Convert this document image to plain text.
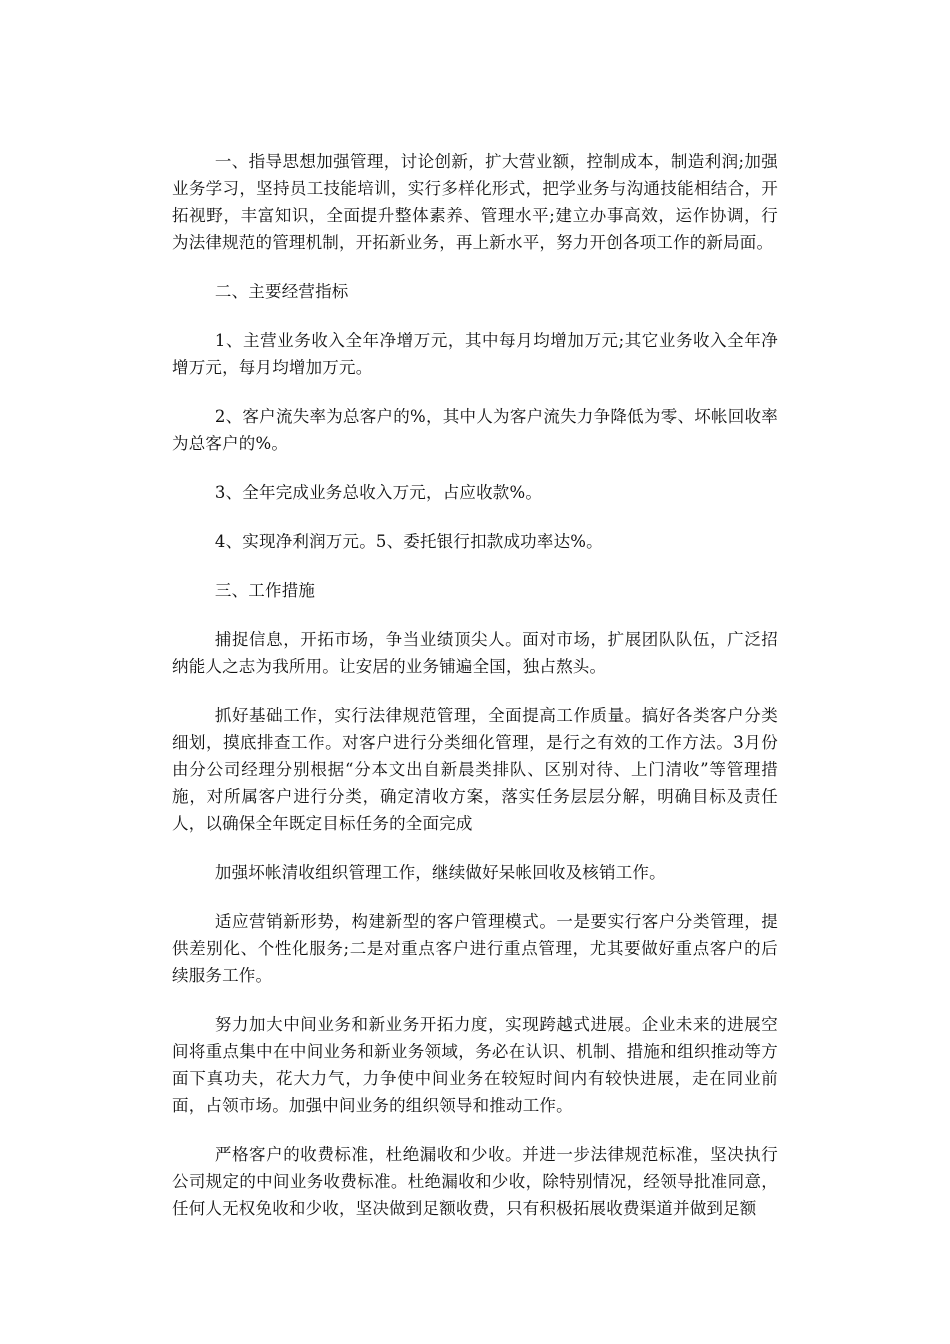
一、指导思想加强管理，讨论创新，扩大营业额，控制成本，制造利润;加强业务学习，坚持员工技能培训，实行多样化形式，把学业务与沟通技能相结合，开拓视野，丰富知识，全面提升整体素养、管理水平;建立办事高效，运作协调，行为法律规范的管理机制，开拓新业务，再上新水平，努力开创各项工作的新局面。

二、主要经营指标

1、主营业务收入全年净增万元，其中每月均增加万元;其它业务收入全年净增万元，每月均增加万元。

2、客户流失率为总客户的%，其中人为客户流失力争降低为零、坏帐回收率为总客户的%。

3、全年完成业务总收入万元，占应收款%。

4、实现净利润万元。5、委托银行扣款成功率达%。

三、工作措施

捕捉信息，开拓市场，争当业绩顶尖人。面对市场，扩展团队队伍，广泛招纳能人之志为我所用。让安居的业务铺遍全国，独占熬头。

抓好基础工作，实行法律规范管理，全面提高工作质量。搞好各类客户分类细划，摸底排查工作。对客户进行分类细化管理，是行之有效的工作方法。3月份由分公司经理分别根据“分本文出自新晨类排队、区别对待、上门清收”等管理措施，对所属客户进行分类，确定清收方案，落实任务层层分解，明确目标及责任人，以确保全年既定目标任务的全面完成

加强坏帐清收组织管理工作，继续做好呆帐回收及核销工作。

适应营销新形势，构建新型的客户管理模式。一是要实行客户分类管理，提供差别化、个性化服务;二是对重点客户进行重点管理，尤其要做好重点客户的后续服务工作。

努力加大中间业务和新业务开拓力度，实现跨越式进展。企业未来的进展空间将重点集中在中间业务和新业务领域，务必在认识、机制、措施和组织推动等方面下真功夫，花大力气，力争使中间业务在较短时间内有较快进展，走在同业前面，占领市场。加强中间业务的组织领导和推动工作。

严格客户的收费标准，杜绝漏收和少收。并进一步法律规范标准，坚决执行公司规定的中间业务收费标准。杜绝漏收和少收，除特别情况，经领导批准同意，任何人无权免收和少收，坚决做到足额收费，只有积极拓展收费渠道并做到足额
